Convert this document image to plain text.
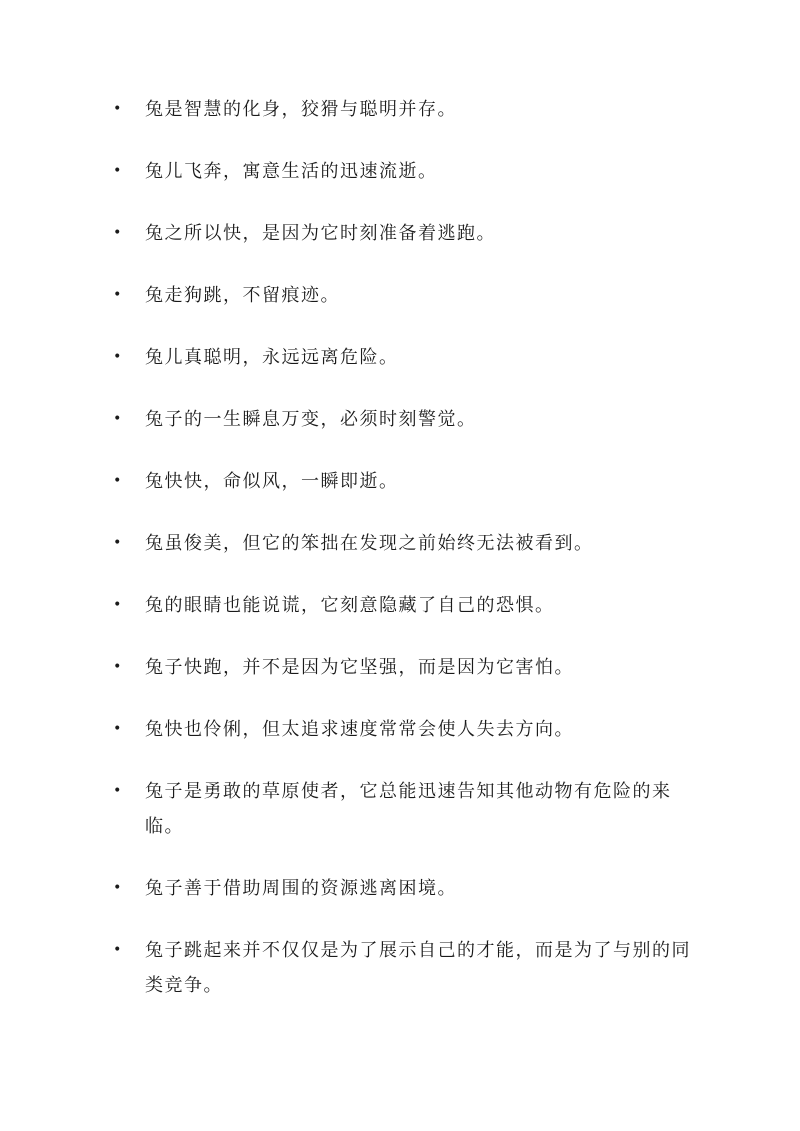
• 兔是智慧的化身，狡猾与聪明并存。
• 兔儿飞奔，寓意生活的迅速流逝。
• 兔之所以快，是因为它时刻准备着逃跑。
• 兔走狗跳，不留痕迹。
• 兔儿真聪明，永远远离危险。
• 兔子的一生瞬息万变，必须时刻警觉。
• 兔快快，命似风，一瞬即逝。
• 兔虽俊美，但它的笨拙在发现之前始终无法被看到。
• 兔的眼睛也能说谎，它刻意隐藏了自己的恐惧。
• 兔子快跑，并不是因为它坚强，而是因为它害怕。
• 兔快也伶俐，但太追求速度常常会使人失去方向。
• 兔子是勇敢的草原使者，它总能迅速告知其他动物有危险的来临。
• 兔子善于借助周围的资源逃离困境。
• 兔子跳起来并不仅仅是为了展示自己的才能，而是为了与别的同类竞争。
